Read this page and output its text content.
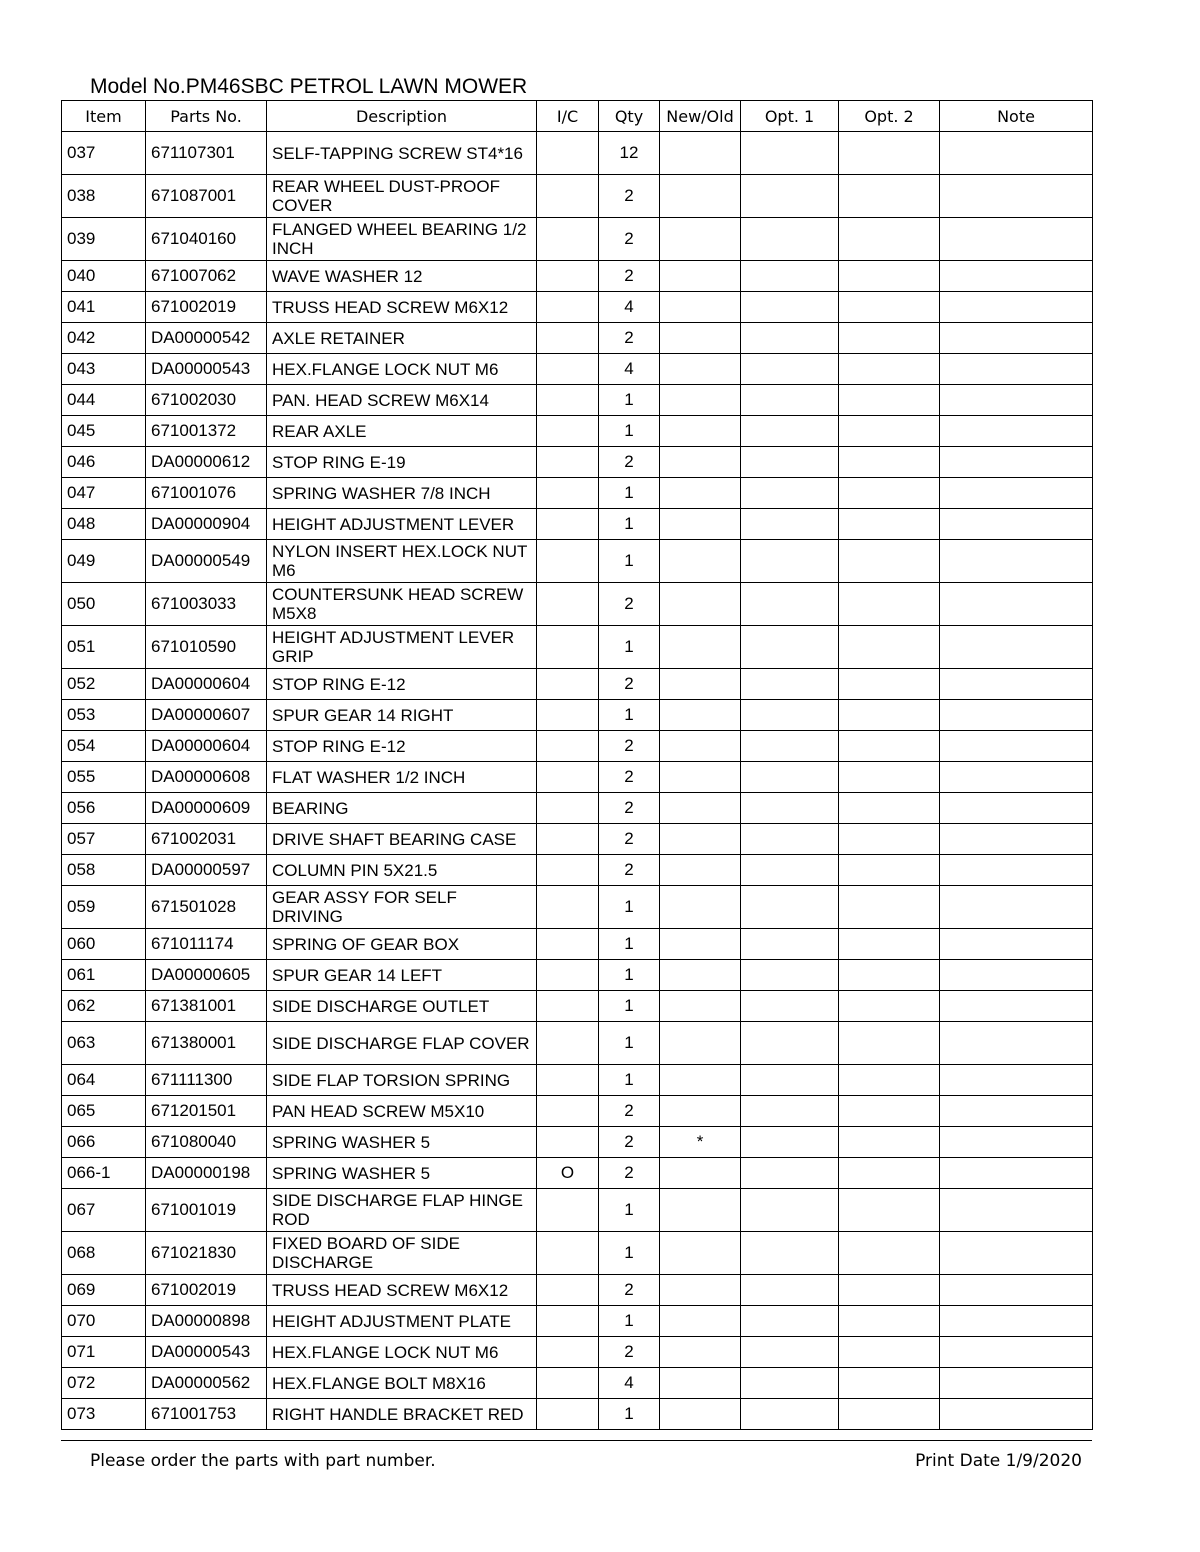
Model No.PM46SBC PETROL LAWN MOWER
Item	Parts No.	Description	I/C	Qty	New/Old	Opt. 1	Opt. 2	Note
037	671107301	SELF-TAPPING SCREW ST4*16		12				
038	671087001	REAR WHEEL DUST-PROOF COVER		2				
039	671040160	FLANGED WHEEL BEARING 1/2 INCH		2				
040	671007062	WAVE WASHER 12		2				
041	671002019	TRUSS HEAD SCREW M6X12		4				
042	DA00000542	AXLE RETAINER		2				
043	DA00000543	HEX.FLANGE LOCK NUT M6		4				
044	671002030	PAN. HEAD SCREW M6X14		1				
045	671001372	REAR AXLE		1				
046	DA00000612	STOP RING E-19		2				
047	671001076	SPRING WASHER 7/8 INCH		1				
048	DA00000904	HEIGHT ADJUSTMENT LEVER		1				
049	DA00000549	NYLON INSERT HEX.LOCK NUT M6		1				
050	671003033	COUNTERSUNK HEAD SCREW M5X8		2				
051	671010590	HEIGHT ADJUSTMENT LEVER GRIP		1				
052	DA00000604	STOP RING E-12		2				
053	DA00000607	SPUR GEAR 14 RIGHT		1				
054	DA00000604	STOP RING E-12		2				
055	DA00000608	FLAT WASHER 1/2 INCH		2				
056	DA00000609	BEARING		2				
057	671002031	DRIVE SHAFT BEARING CASE		2				
058	DA00000597	COLUMN PIN 5X21.5		2				
059	671501028	GEAR ASSY FOR SELF DRIVING		1				
060	671011174	SPRING OF GEAR BOX		1				
061	DA00000605	SPUR GEAR 14 LEFT		1				
062	671381001	SIDE DISCHARGE OUTLET		1				
063	671380001	SIDE DISCHARGE FLAP COVER		1				
064	671111300	SIDE FLAP TORSION SPRING		1				
065	671201501	PAN HEAD SCREW M5X10		2				
066	671080040	SPRING WASHER 5		2	*			
066-1	DA00000198	SPRING WASHER 5	O	2				
067	671001019	SIDE DISCHARGE FLAP HINGE ROD		1				
068	671021830	FIXED BOARD OF SIDE DISCHARGE		1				
069	671002019	TRUSS HEAD SCREW M6X12		2				
070	DA00000898	HEIGHT ADJUSTMENT PLATE		1				
071	DA00000543	HEX.FLANGE LOCK NUT M6		2				
072	DA00000562	HEX.FLANGE BOLT M8X16		4				
073	671001753	RIGHT HANDLE BRACKET RED		1				
Please order the parts with part number.	Print Date 1/9/2020
